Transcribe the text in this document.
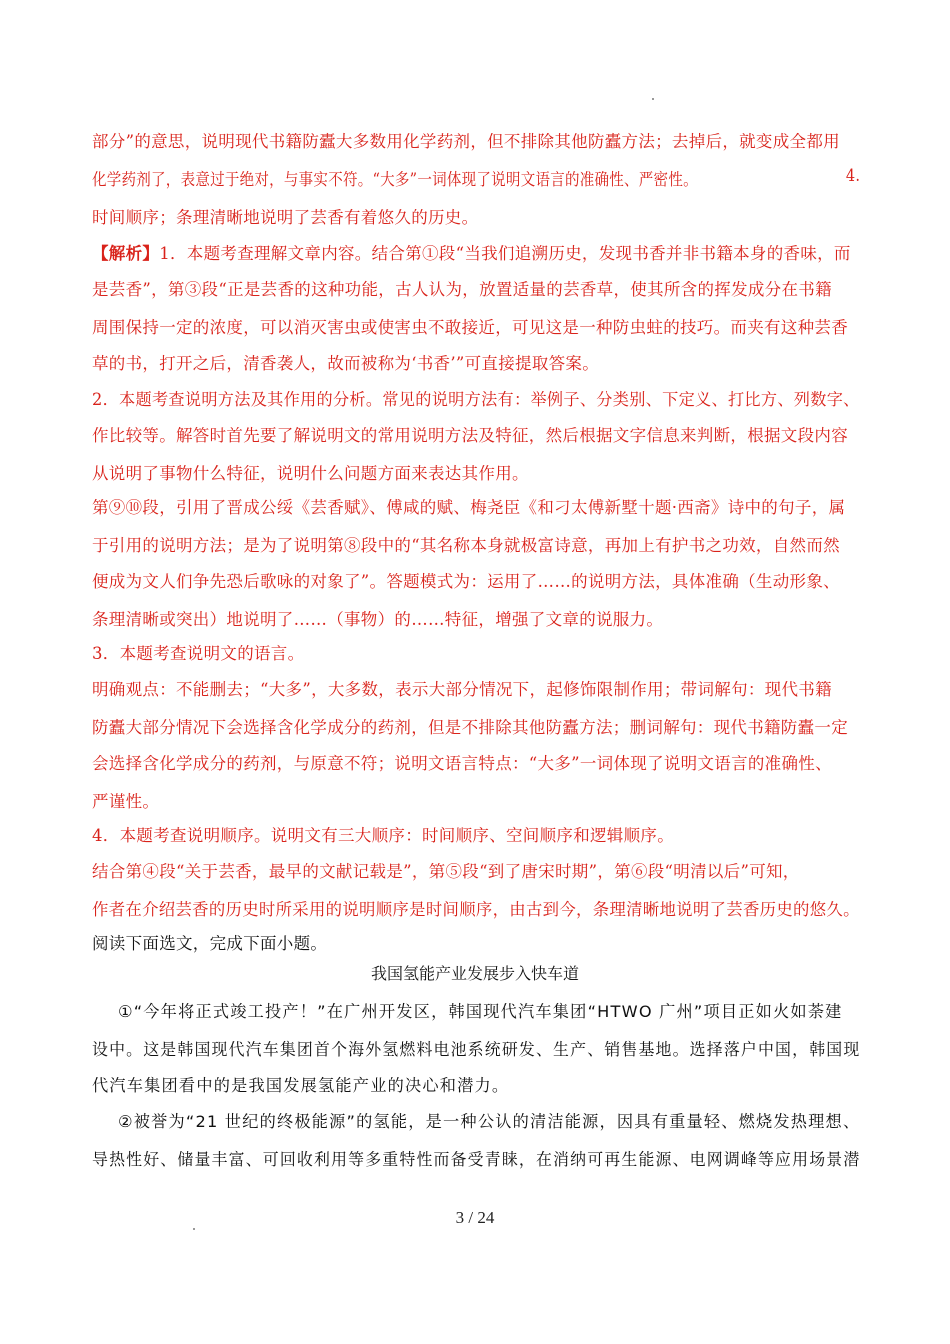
部分”的意思，说明现代书籍防蠹大多数用化学药剂，但不排除其他防蠹方法；去掉后，就变成全都用
化学药剂了，表意过于绝对，与事实不符。“大多”一词体现了说明文语言的准确性、严密性。	4.
时间顺序；条理清晰地说明了芸香有着悠久的历史。
【解析】1．本题考查理解文章内容。结合第①段“当我们追溯历史，发现书香并非书籍本身的香味，而
是芸香”，第③段“正是芸香的这种功能，古人认为，放置适量的芸香草，使其所含的挥发成分在书籍
周围保持一定的浓度，可以消灭害虫或使害虫不敢接近，可见这是一种防虫蛀的技巧。而夹有这种芸香
草的书，打开之后，清香袭人，故而被称为‘书香’”可直接提取答案。
2．本题考查说明方法及其作用的分析。常见的说明方法有：举例子、分类别、下定义、打比方、列数字、
作比较等。解答时首先要了解说明文的常用说明方法及特征，然后根据文字信息来判断，根据文段内容
从说明了事物什么特征，说明什么问题方面来表达其作用。
第⑨⑩段，引用了晋成公绥《芸香赋》、傅咸的赋、梅尧臣《和刁太傅新墅十题·西斋》诗中的句子，属
于引用的说明方法；是为了说明第⑧段中的“其名称本身就极富诗意，再加上有护书之功效，自然而然
便成为文人们争先恐后歌咏的对象了”。答题模式为：运用了……的说明方法，具体准确（生动形象、
条理清晰或突出）地说明了……（事物）的……特征，增强了文章的说服力。
3．本题考查说明文的语言。
明确观点：不能删去；“大多”，大多数，表示大部分情况下，起修饰限制作用；带词解句：现代书籍
防蠹大部分情况下会选择含化学成分的药剂，但是不排除其他防蠹方法；删词解句：现代书籍防蠹一定
会选择含化学成分的药剂，与原意不符；说明文语言特点：“大多”一词体现了说明文语言的准确性、
严谨性。
4．本题考查说明顺序。说明文有三大顺序：时间顺序、空间顺序和逻辑顺序。
结合第④段“关于芸香，最早的文献记载是”，第⑤段“到了唐宋时期”，第⑥段“明清以后”可知，
作者在介绍芸香的历史时所采用的说明顺序是时间顺序，由古到今，条理清晰地说明了芸香历史的悠久。
阅读下面选文，完成下面小题。
我国氢能产业发展步入快车道
①“今年将正式竣工投产！”在广州开发区，韩国现代汽车集团“HTWO 广州”项目正如火如荼建
设中。这是韩国现代汽车集团首个海外氢燃料电池系统研发、生产、销售基地。选择落户中国，韩国现
代汽车集团看中的是我国发展氢能产业的决心和潜力。
②被誉为“21 世纪的终极能源”的氢能，是一种公认的清洁能源，因具有重量轻、燃烧发热理想、
导热性好、储量丰富、可回收利用等多重特性而备受青睐，在消纳可再生能源、电网调峰等应用场景潜
3 / 24
